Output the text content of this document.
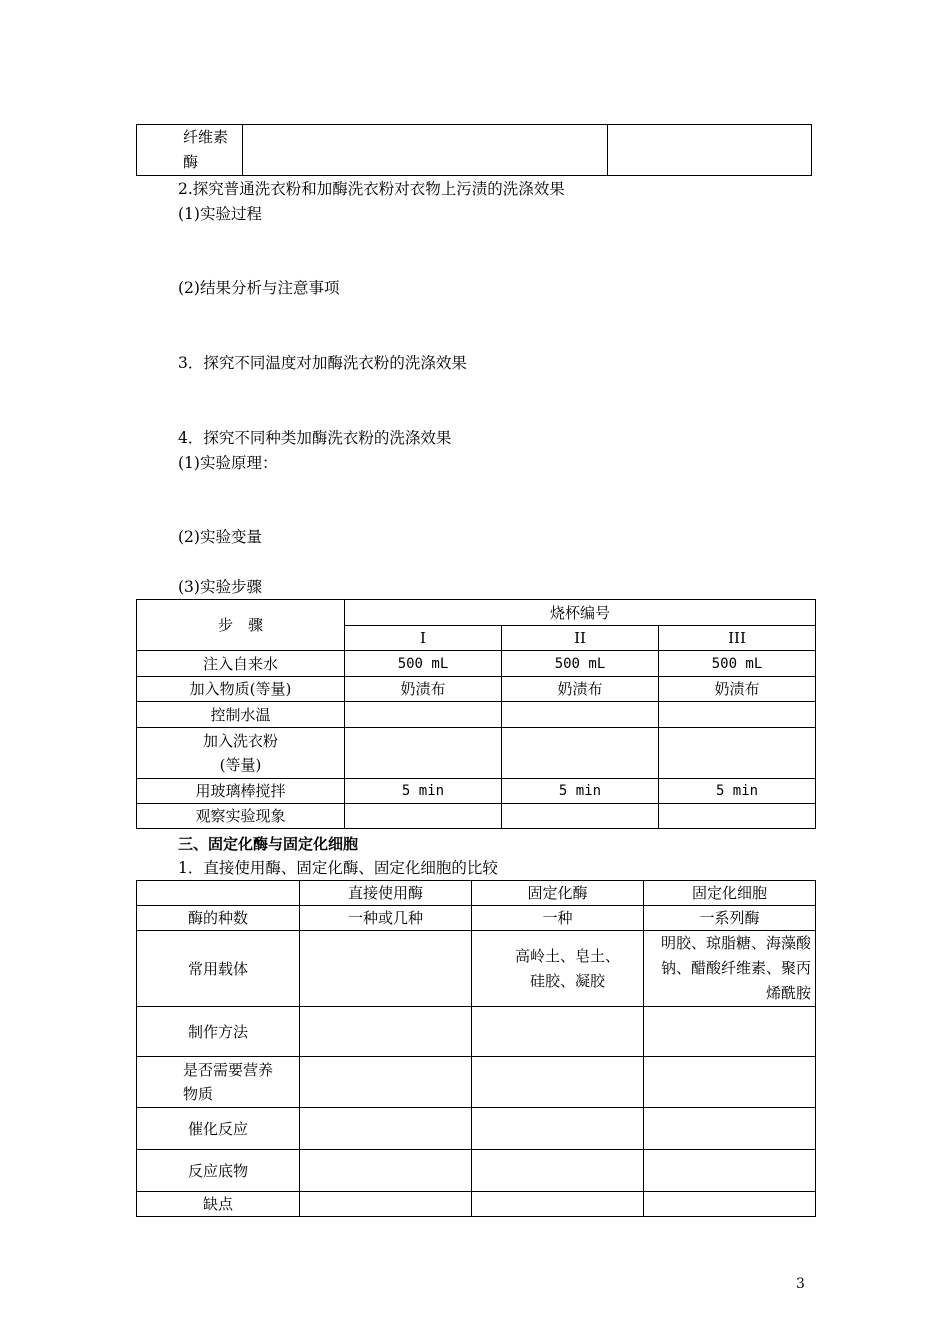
纤维素酶		
2.探究普通洗衣粉和加酶洗衣粉对衣物上污渍的洗涤效果
(1)实验过程
(2)结果分析与注意事项
3．探究不同温度对加酶洗衣粉的洗涤效果
4．探究不同种类加酶洗衣粉的洗涤效果
(1)实验原理：
(2)实验变量
(3)实验步骤
步　骤	烧杯编号		
	I	II	III
注入自来水	500 mL	500 mL	500 mL
加入物质(等量)	奶渍布	奶渍布	奶渍布
控制水温			
加入洗衣粉(等量)			
用玻璃棒搅拌	5 min	5 min	5 min
观察实验现象			
三、固定化酶与固定化细胞
1．直接使用酶、固定化酶、固定化细胞的比较
	直接使用酶	固定化酶	固定化细胞
酶的种数	一种或几种	一种	一系列酶
常用载体		高岭土、皂土、硅胶、凝胶	明胶、琼脂糖、海藻酸钠、醋酸纤维素、聚丙烯酰胺
制作方法			
是否需要营养物质			
催化反应			
反应底物			
缺点			
3
